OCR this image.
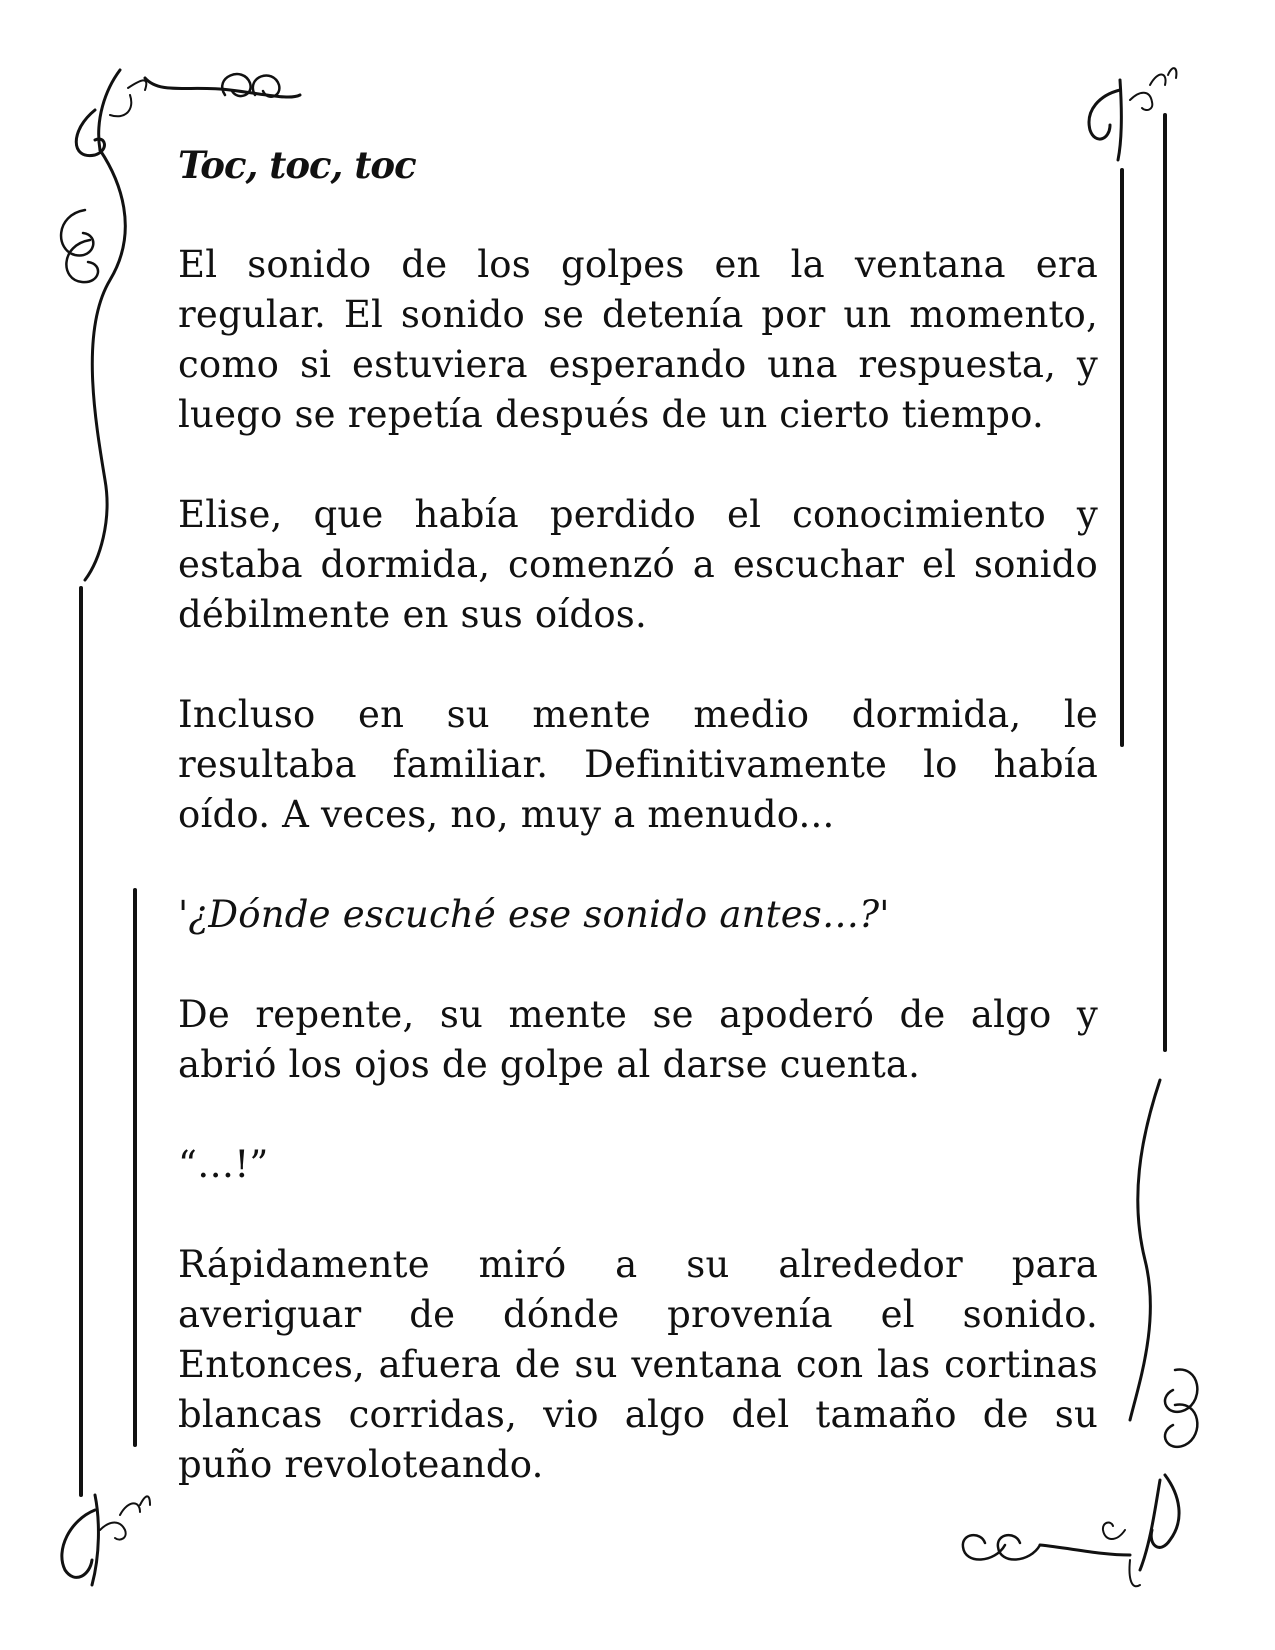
Toc, toc, toc

El sonido de los golpes en la ventana era regular. El sonido se detenía por un momento, como si estuviera esperando una respuesta, y luego se repetía después de un cierto tiempo.

Elise, que había perdido el conocimiento y estaba dormida, comenzó a escuchar el sonido débilmente en sus oídos.

Incluso en su mente medio dormida, le resultaba familiar. Definitivamente lo había oído. A veces, no, muy a menudo...

'¿Dónde escuché ese sonido antes…?'

De repente, su mente se apoderó de algo y abrió los ojos de golpe al darse cuenta.

“…!”

Rápidamente miró a su alrededor para averiguar de dónde provenía el sonido. Entonces, afuera de su ventana con las cortinas blancas corridas, vio algo del tamaño de su puño revoloteando.
